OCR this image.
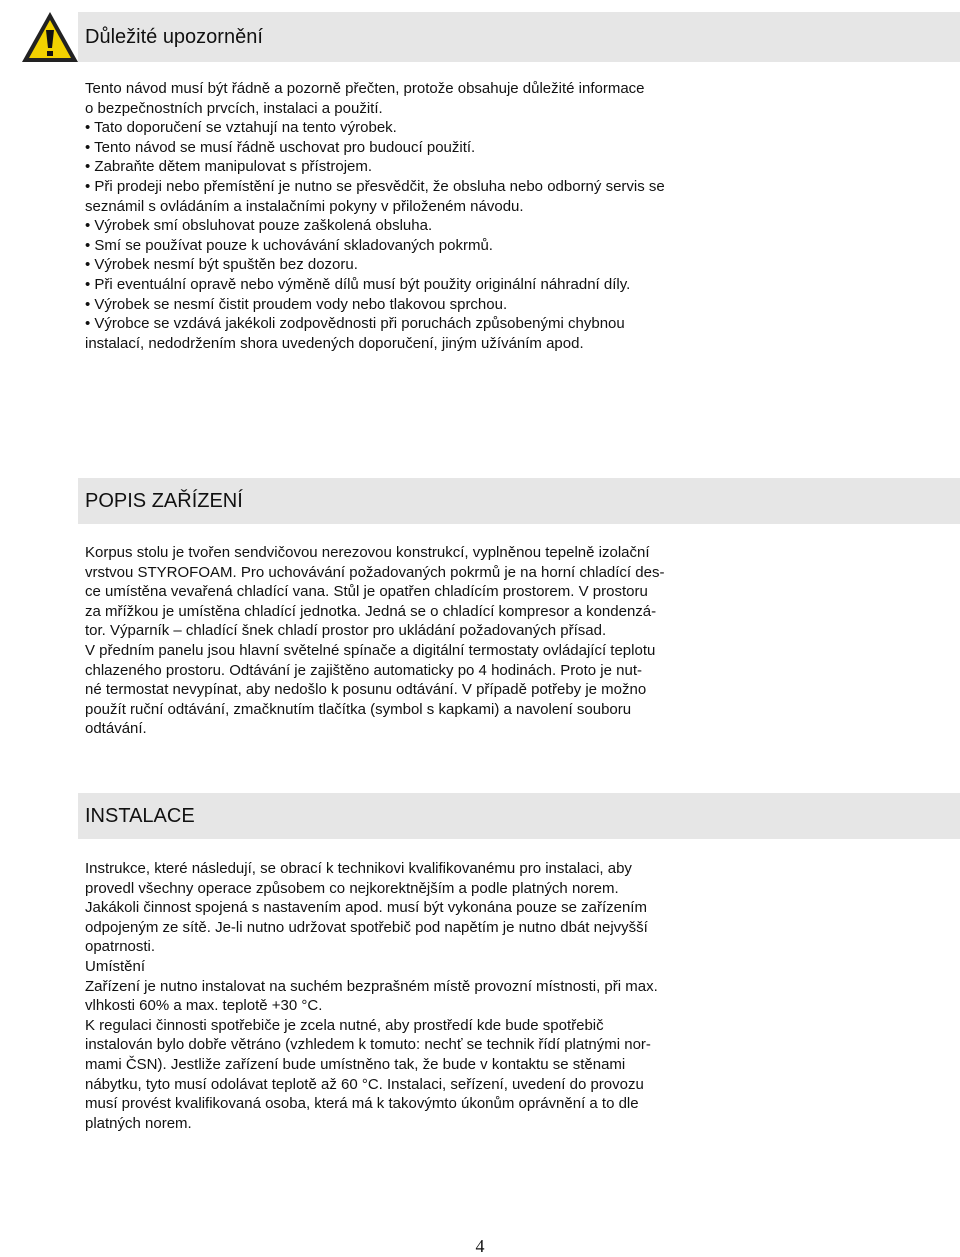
Důležité upozornění
Tento návod musí být řádně a pozorně přečten, protože obsahuje důležité informace
o bezpečnostních prvcích, instalaci a použití.
• Tato doporučení se vztahují na tento výrobek.
• Tento návod se musí řádně uschovat pro budoucí použití.
• Zabraňte dětem manipulovat s přístrojem.
• Při prodeji nebo přemístění je nutno se přesvědčit, že obsluha nebo odborný servis se
seznámil s ovládáním a instalačními pokyny v přiloženém návodu.
• Výrobek smí obsluhovat pouze zaškolená obsluha.
• Smí se používat pouze k uchovávání skladovaných pokrmů.
• Výrobek nesmí být spuštěn bez dozoru.
• Při eventuální opravě nebo výměně dílů musí být použity originální náhradní díly.
• Výrobek se nesmí čistit proudem vody nebo tlakovou sprchou.
• Výrobce se vzdává jakékoli zodpovědnosti při poruchách způsobenými chybnou
instalací, nedodržením shora uvedených doporučení, jiným užíváním apod.
POPIS ZAŘÍZENÍ
Korpus stolu je tvořen sendvičovou nerezovou konstrukcí, vyplněnou tepelně izolační
vrstvou STYROFOAM. Pro uchovávání požadovaných pokrmů je na horní chladící des-
ce umístěna vevařená chladící vana. Stůl je opatřen chladícím prostorem. V prostoru
za mřížkou je umístěna chladící jednotka. Jedná se o chladící kompresor a kondenzá-
tor. Výparník – chladící šnek chladí prostor pro ukládání požadovaných přísad.
V předním panelu jsou hlavní světelné spínače a digitální termostaty ovládající teplotu
chlazeného prostoru. Odtávání je zajištěno automaticky po 4 hodinách. Proto je nut-
né termostat nevypínat, aby nedošlo k posunu odtávání. V případě potřeby je možno
použít ruční odtávání, zmačknutím tlačítka (symbol s kapkami) a navolení souboru
odtávání.
INSTALACE
Instrukce, které následují, se obrací k technikovi kvalifikovanému pro instalaci, aby
provedl všechny operace způsobem co nejkorektnějším a podle platných norem.
Jakákoli činnost spojená s nastavením apod. musí být vykonána pouze se zařízením
odpojeným ze sítě. Je-li nutno udržovat spotřebič pod napětím je nutno dbát nejvyšší
opatrnosti.
Umístění
Zařízení je nutno instalovat na suchém bezprašném místě provozní místnosti, při max.
vlhkosti 60% a max. teplotě +30 °C.
K regulaci činnosti spotřebiče je zcela nutné, aby prostředí kde bude spotřebič
instalován bylo dobře větráno (vzhledem k tomuto: nechť se technik řídí platnými nor-
mami ČSN). Jestliže zařízení bude umístněno tak, že bude v kontaktu se stěnami
nábytku, tyto musí odolávat teplotě až 60 °C. Instalaci, seřízení, uvedení do provozu
musí provést kvalifikovaná osoba, která má k takovýmto úkonům oprávnění a to dle
platných norem.
4
